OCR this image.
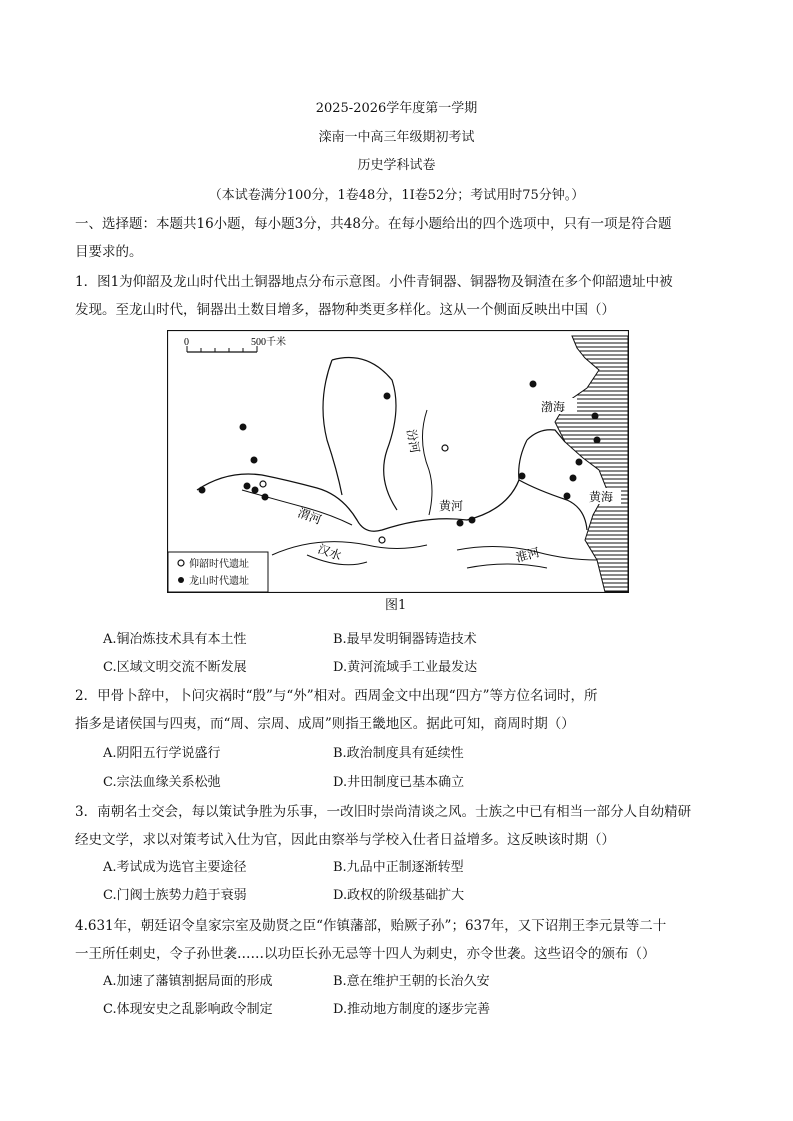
2025-2026学年度第一学期
滦南一中高三年级期初考试
历史学科试卷
（本试卷满分100分，1卷48分，1I卷52分；考试用时75分钟。）
一、选择题：本题共16小题，每小题3分，共48分。在每小题给出的四个选项中，只有一项是符合题
目要求的。
1．图1为仰韶及龙山时代出土铜器地点分布示意图。小件青铜器、铜器物及铜渣在多个仰韶遗址中被
发现。至龙山时代，铜器出土数目增多，器物种类更多样化。这从一个侧面反映出中国（）
0	500千米
渤海
黄海
黄河
渭河
汾河
汉水	淮河
仰韶时代遗址
龙山时代遗址
图1
A.铜冶炼技术具有本土性	B.最早发明铜器铸造技术
C.区域文明交流不断发展	D.黄河流域手工业最发达
2．甲骨卜辞中，卜问灾祸时“殷”与“外”相对。西周金文中出现“四方”等方位名词时，所
指多是诸侯国与四夷，而“周、宗周、成周”则指王畿地区。据此可知，商周时期（）
A.阴阳五行学说盛行	B.政治制度具有延续性
C.宗法血缘关系松弛	D.井田制度已基本确立
3．南朝名士交会，每以策试争胜为乐事，一改旧时崇尚清谈之风。士族之中已有相当一部分人自幼精研
经史文学，求以对策考试入仕为官，因此由察举与学校入仕者日益增多。这反映该时期（）
A.考试成为选官主要途径	B.九品中正制逐渐转型
C.门阀士族势力趋于衰弱	D.政权的阶级基础扩大
4.631年，朝廷诏令皇家宗室及勋贤之臣“作镇藩部，贻厥子孙”；637年，又下诏荆王李元景等二十
一王所任刺史，令子孙世袭……以功臣长孙无忌等十四人为刺史，亦令世袭。这些诏令的颁布（）
A.加速了藩镇割据局面的形成	B.意在维护王朝的长治久安
C.体现安史之乱影响政令制定	D.推动地方制度的逐步完善
